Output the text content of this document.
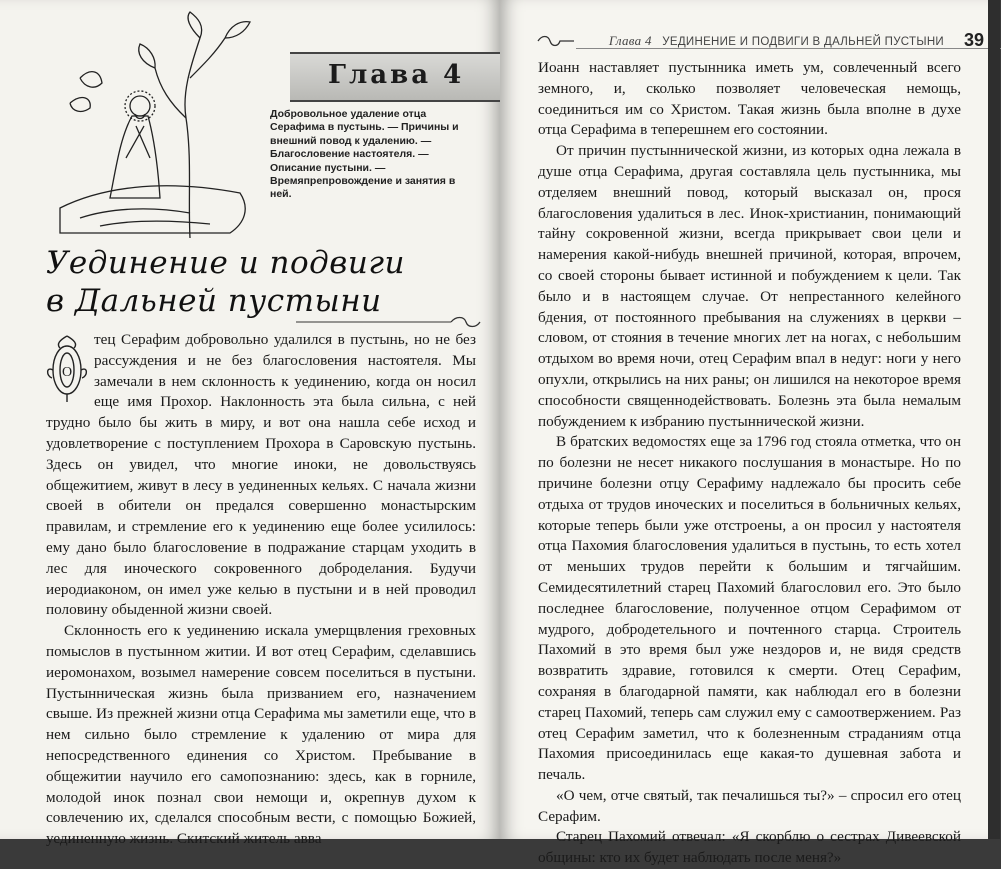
Глава 4
Добровольное удаление отца Серафима в пустынь. — Причины и внешний повод к удалению. — Благословение настоятеля. — Описание пустыни. — Времяпрепровождение и занятия в ней.
Уединение и подвиги
в Дальней пустыни

О
тец Серафим добровольно удалился в пустынь, но не без рассуждения и не без благословения настоятеля. Мы замечали в нем склонность к уединению, когда он носил еще имя Прохор. Наклонность эта была сильна, с ней трудно было бы жить в миру, и вот она нашла себе исход и удовлетворение с поступлением Прохора в Саровскую пустынь. Здесь он увидел, что многие иноки, не довольствуясь общежитием, живут в лесу в уединенных кельях. С начала жизни своей в обители он предался совершенно монастырским правилам, и стремление его к уединению еще более усилилось: ему дано было благословение в подражание старцам уходить в лес для иноческого сокровенного доброделания. Будучи иеродиаконом, он имел уже келью в пустыни и в ней проводил половину обыденной жизни своей.

Склонность его к уединению искала умерщвления греховных помыслов в пустынном житии. И вот отец Серафим, сделавшись иеромонахом, возымел намерение совсем поселиться в пустыни. Пустынническая жизнь была призванием его, назначением свыше. Из прежней жизни отца Серафима мы заметили еще, что в нем сильно было стремление к удалению от мира для непосредственного единения со Христом. Пребывание в общежитии научило его самопознанию: здесь, как в горниле, молодой инок познал свои немощи и, окрепнув духом к совлечению их, сделался способным вести, с помощью Божией, уединенную жизнь. Скитский житель авва

Глава 4 УЕДИНЕНИЕ И ПОДВИГИ В ДАЛЬНЕЙ ПУСТЫНИ 39

Иоанн наставляет пустынника иметь ум, совлеченный всего земного, и, сколько позволяет человеческая немощь, соединиться им со Христом. Такая жизнь была вполне в духе отца Серафима в теперешнем его состоянии.

От причин пустыннической жизни, из которых одна лежала в душе отца Серафима, другая составляла цель пустынника, мы отделяем внешний повод, который высказал он, прося благословения удалиться в лес. Инок-христианин, понимающий тайну сокровенной жизни, всегда прикрывает свои цели и намерения какой-нибудь внешней причиной, которая, впрочем, со своей стороны бывает истинной и побуждением к цели. Так было и в настоящем случае. От непрестанного келейного бдения, от постоянного пребывания на служениях в церкви – словом, от стояния в течение многих лет на ногах, с небольшим отдыхом во время ночи, отец Серафим впал в недуг: ноги у него опухли, открылись на них раны; он лишился на некоторое время способности священнодействовать. Болезнь эта была немалым побуждением к избранию пустыннической жизни.

В братских ведомостях еще за 1796 год стояла отметка, что он по болезни не несет никакого послушания в монастыре. Но по причине болезни отцу Серафиму надлежало бы просить себе отдыха от трудов иноческих и поселиться в больничных кельях, которые теперь были уже отстроены, а он просил у настоятеля отца Пахомия благословения удалиться в пустынь, то есть хотел от меньших трудов перейти к большим и тягчайшим. Семидесятилетний старец Пахомий благословил его. Это было последнее благословение, полученное отцом Серафимом от мудрого, добродетельного и почтенного старца. Строитель Пахомий в это время был уже нездоров и, не видя средств возвратить здравие, готовился к смерти. Отец Серафим, сохраняя в благодарной памяти, как наблюдал его в болезни старец Пахомий, теперь сам служил ему с самоотвержением. Раз отец Серафим заметил, что к болезненным страданиям отца Пахомия присоединилась еще какая-то душевная забота и печаль.

«О чем, отче святый, так печалишься ты?» – спросил его отец Серафим.

Старец Пахомий отвечал: «Я скорблю о сестрах Дивеевской общины: кто их будет наблюдать после меня?»
